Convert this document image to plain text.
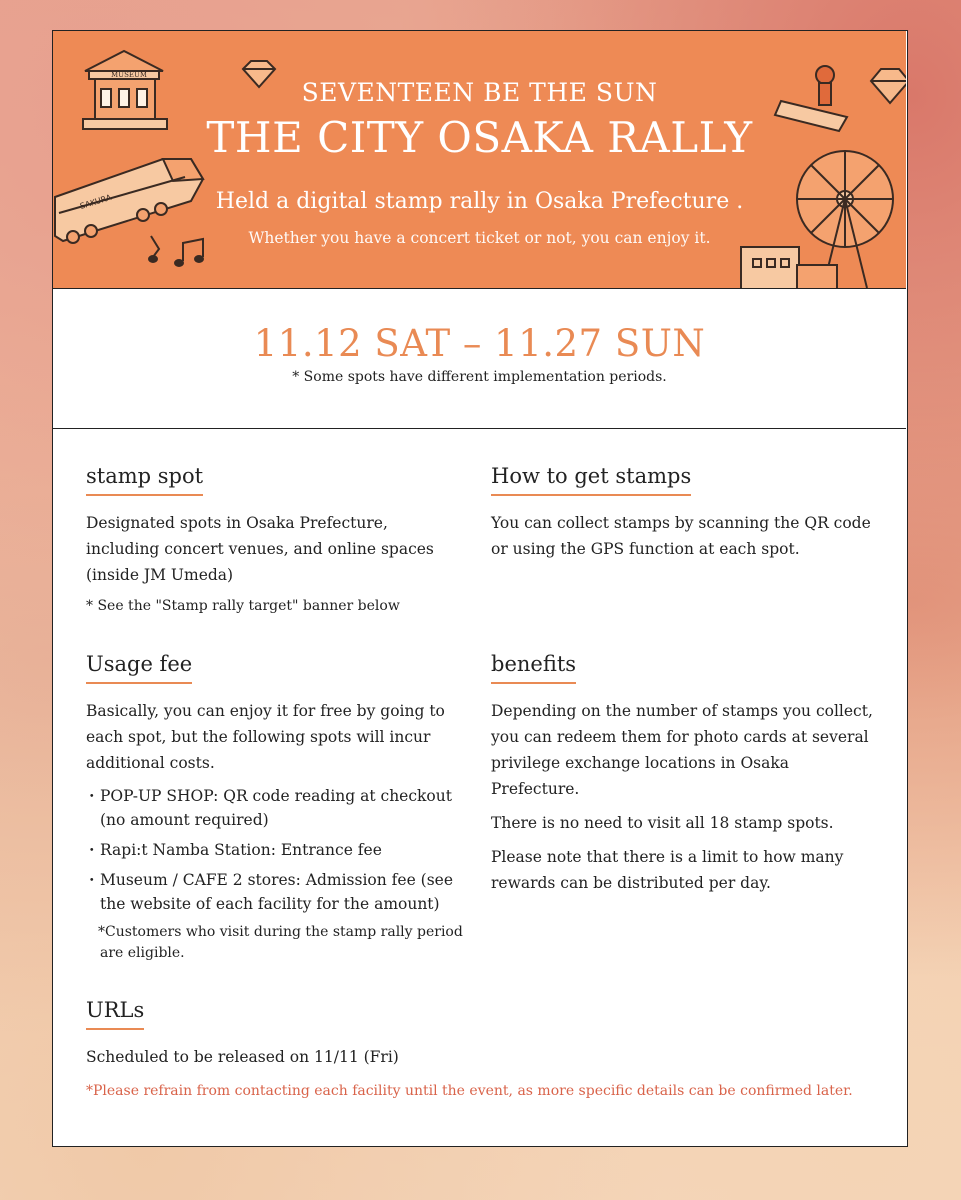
MUSEUM
SAKURA
SEVENTEEN BE THE SUN
THE CITY OSAKA RALLY
Held a digital stamp rally in Osaka Prefecture .
Whether you have a concert ticket or not, you can enjoy it.
11.12 SAT – 11.27 SUN
* Some spots have different implementation periods.
stamp spot

Designated spots in Osaka Prefecture, including concert venues, and online spaces (inside JM Umeda)

* See the "Stamp rally target" banner below

How to get stamps

You can collect stamps by scanning the QR code or using the GPS function at each spot.

Usage fee

Basically, you can enjoy it for free by going to each spot, but the following spots will incur additional costs.

・ POP-UP SHOP: QR code reading at checkout (no amount required)
・ Rapi:t Namba Station: Entrance fee
・ Museum / CAFE 2 stores: Admission fee (see the website of each facility for the amount)
*Customers who visit during the stamp rally period are eligible.
benefits

Depending on the number of stamps you collect, you can redeem them for photo cards at several privilege exchange locations in Osaka Prefecture.

There is no need to visit all 18 stamp spots.

Please note that there is a limit to how many rewards can be distributed per day.

URLs

Scheduled to be released on 11/11 (Fri)

*Please refrain from contacting each facility until the event, as more specific details can be confirmed later.
